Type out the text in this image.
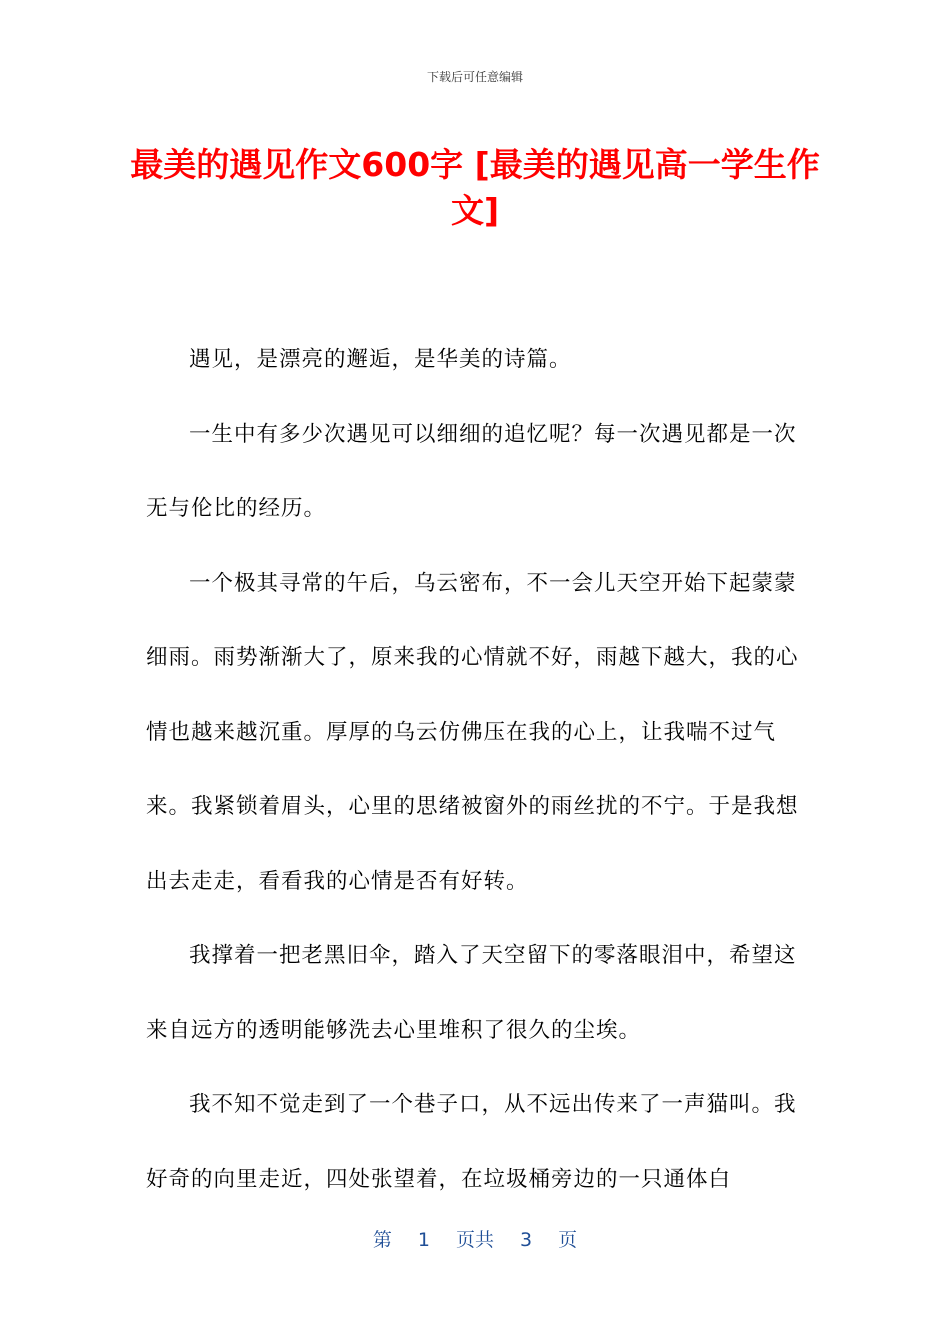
下载后可任意编辑
最美的遇见作文600字 [最美的遇见高一学生作文]

遇见，是漂亮的邂逅，是华美的诗篇。

一生中有多少次遇见可以细细的追忆呢？每一次遇见都是一次无与伦比的经历。

一个极其寻常的午后，乌云密布，不一会儿天空开始下起蒙蒙细雨。雨势渐渐大了，原来我的心情就不好，雨越下越大，我的心情也越来越沉重。厚厚的乌云仿佛压在我的心上，让我喘不过气来。我紧锁着眉头，心里的思绪被窗外的雨丝扰的不宁。于是我想出去走走，看看我的心情是否有好转。

我撑着一把老黑旧伞，踏入了天空留下的零落眼泪中，希望这来自远方的透明能够洗去心里堆积了很久的尘埃。

我不知不觉走到了一个巷子口，从不远出传来了一声猫叫。我好奇的向里走近，四处张望着，在垃圾桶旁边的一只通体白

第 1 页共 3 页
